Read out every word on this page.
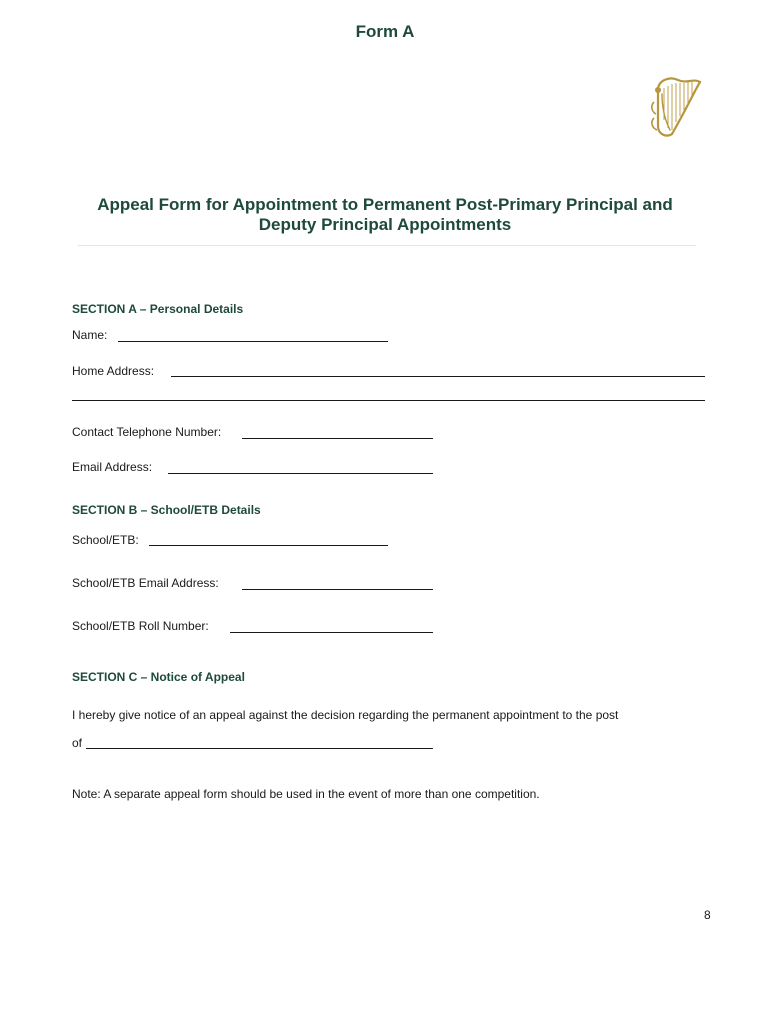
Form A
Appeal Form for Appointment to Permanent Post-Primary Principal and
Deputy Principal Appointments
SECTION A – Personal Details
Name:
Home Address:
Contact Telephone Number:
Email Address:
SECTION B – School/ETB Details
School/ETB:
School/ETB Email Address:
School/ETB Roll Number:
SECTION C – Notice of Appeal
I hereby give notice of an appeal against the decision regarding the permanent appointment to the post
of
Note: A separate appeal form should be used in the event of more than one competition.
8
